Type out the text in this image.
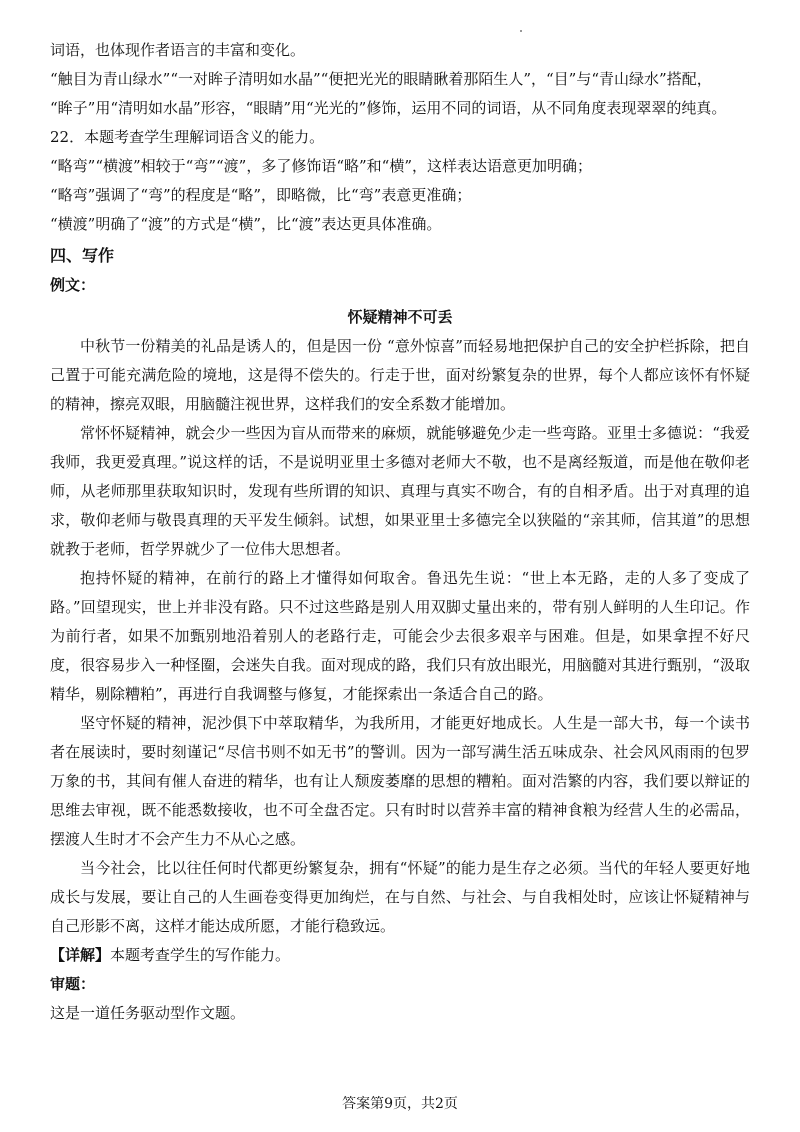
词语，也体现作者语言的丰富和变化。

“触目为青山绿水”“一对眸子清明如水晶”“便把光光的眼睛瞅着那陌生人”，“目”与“青山绿水”搭配，

“眸子”用“清明如水晶”形容，“眼睛”用“光光的”修饰，运用不同的词语，从不同角度表现翠翠的纯真。

22．本题考查学生理解词语含义的能力。

“略弯”“横渡”相较于“弯”“渡”，多了修饰语“略”和“横”，这样表达语意更加明确；

“略弯”强调了“弯”的程度是“略”，即略微，比“弯”表意更准确；

“横渡”明确了“渡”的方式是“横”，比“渡”表达更具体准确。

四、写作

例文：

怀疑精神不可丢

中秋节一份精美的礼品是诱人的，但是因一份 “意外惊喜”而轻易地把保护自己的安全护栏拆除，把自己置于可能充满危险的境地，这是得不偿失的。行走于世，面对纷繁复杂的世界，每个人都应该怀有怀疑的精神，擦亮双眼，用脑髓注视世界，这样我们的安全系数才能增加。

常怀怀疑精神，就会少一些因为盲从而带来的麻烦，就能够避免少走一些弯路。亚里士多德说：“我爱我师，我更爱真理。”说这样的话，不是说明亚里士多德对老师大不敬，也不是离经叛道，而是他在敬仰老师，从老师那里获取知识时，发现有些所谓的知识、真理与真实不吻合，有的自相矛盾。出于对真理的追求，敬仰老师与敬畏真理的天平发生倾斜。试想，如果亚里士多德完全以狭隘的“亲其师，信其道”的思想就教于老师，哲学界就少了一位伟大思想者。

抱持怀疑的精神，在前行的路上才懂得如何取舍。鲁迅先生说：“世上本无路，走的人多了变成了路。”回望现实，世上并非没有路。只不过这些路是别人用双脚丈量出来的，带有别人鲜明的人生印记。作为前行者，如果不加甄别地沿着别人的老路行走，可能会少去很多艰辛与困难。但是，如果拿捏不好尺度，很容易步入一种怪圈，会迷失自我。面对现成的路，我们只有放出眼光，用脑髓对其进行甄别，“汲取精华，剔除糟粕”，再进行自我调整与修复，才能探索出一条适合自己的路。

坚守怀疑的精神，泥沙俱下中萃取精华，为我所用，才能更好地成长。人生是一部大书，每一个读书者在展读时，要时刻谨记“尽信书则不如无书”的警训。因为一部写满生活五味成杂、社会风风雨雨的包罗万象的书，其间有催人奋进的精华，也有让人颓废萎靡的思想的糟粕。面对浩繁的内容，我们要以辩证的思维去审视，既不能悉数接收，也不可全盘否定。只有时时以营养丰富的精神食粮为经营人生的必需品，摆渡人生时才不会产生力不从心之感。

当今社会，比以往任何时代都更纷繁复杂，拥有“怀疑”的能力是生存之必须。当代的年轻人要更好地成长与发展，要让自己的人生画卷变得更加绚烂，在与自然、与社会、与自我相处时，应该让怀疑精神与自己形影不离，这样才能达成所愿，才能行稳致远。

【详解】本题考查学生的写作能力。

审题：

这是一道任务驱动型作文题。

答案第9页，共2页
